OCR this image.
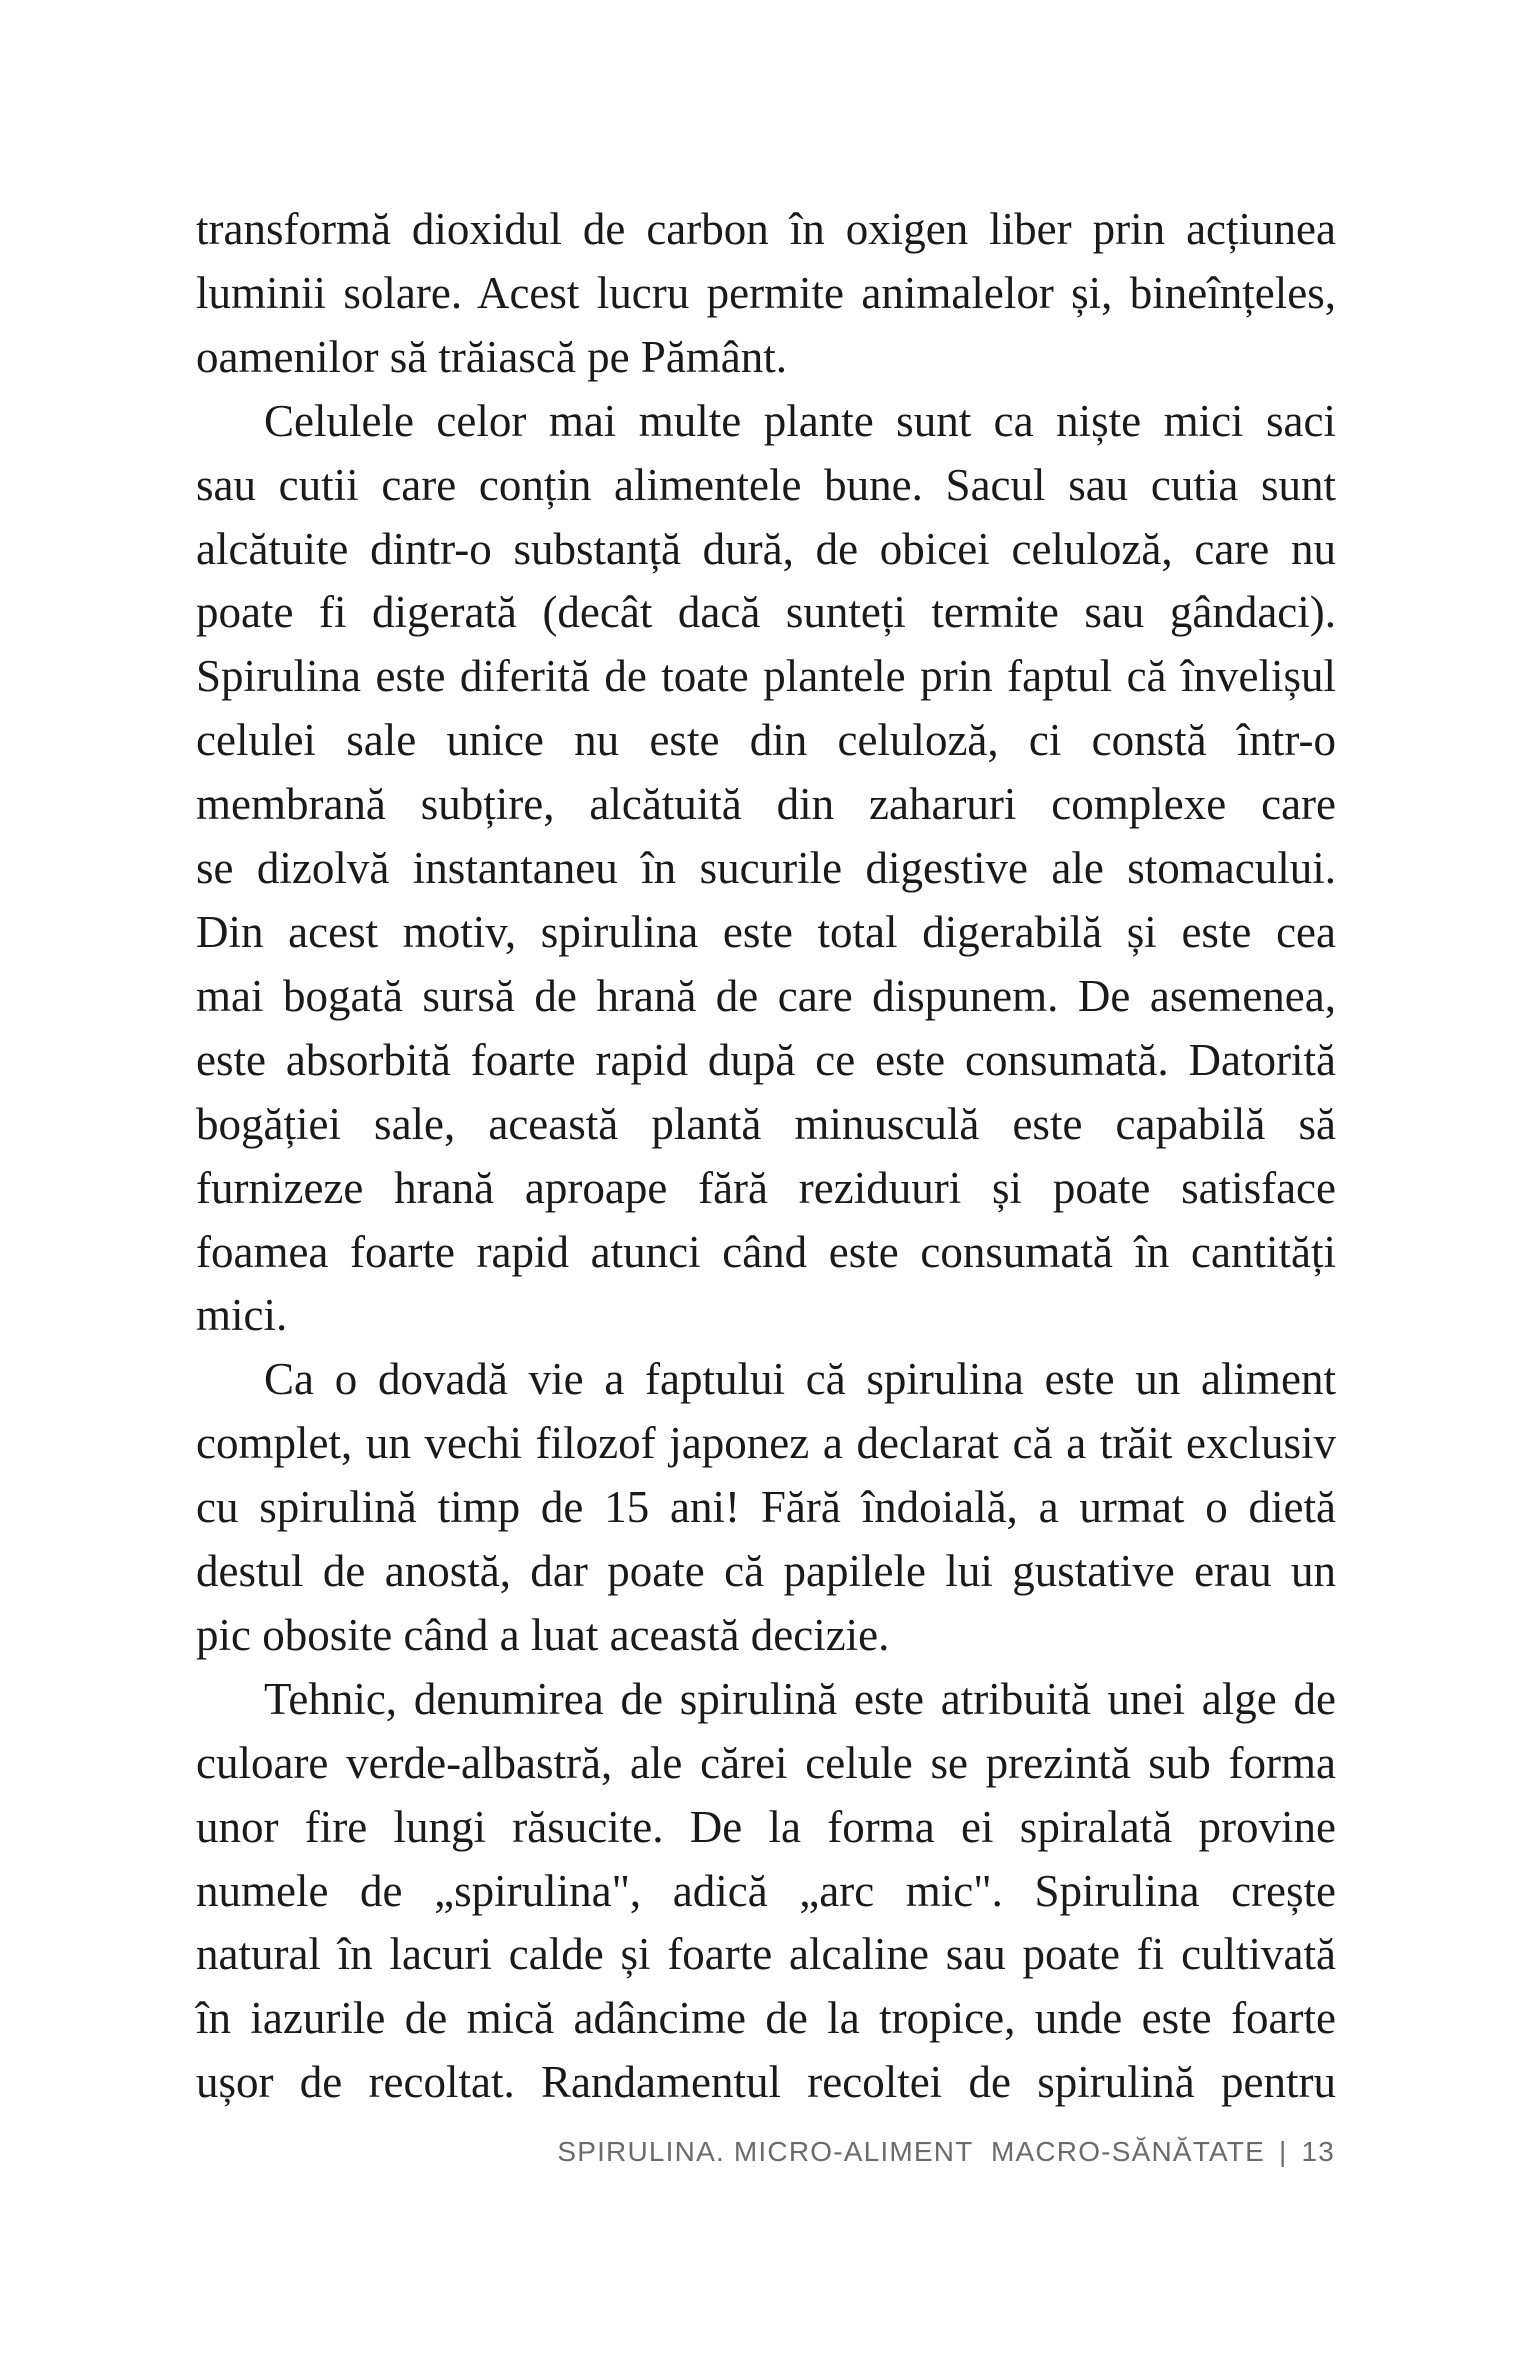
transformă dioxidul de carbon în oxigen liber prin acțiunea
luminii solare. Acest lucru permite animalelor și, bineînțeles,
oamenilor să trăiască pe Pământ.
Celulele celor mai multe plante sunt ca niște mici saci
sau cutii care conțin alimentele bune. Sacul sau cutia sunt
alcătuite dintr-o substanță dură, de obicei celuloză, care nu
poate fi digerată (decât dacă sunteți termite sau gândaci).
Spirulina este diferită de toate plantele prin faptul că învelișul
celulei sale unice nu este din celuloză, ci constă într-o
membrană subțire, alcătuită din zaharuri complexe care
se dizolvă instantaneu în sucurile digestive ale stomacului.
Din acest motiv, spirulina este total digerabilă și este cea
mai bogată sursă de hrană de care dispunem. De asemenea,
este absorbită foarte rapid după ce este consumată. Datorită
bogăției sale, această plantă minusculă este capabilă să
furnizeze hrană aproape fără reziduuri și poate satisface
foamea foarte rapid atunci când este consumată în cantități
mici.
Ca o dovadă vie a faptului că spirulina este un aliment
complet, un vechi filozof japonez a declarat că a trăit exclusiv
cu spirulină timp de 15 ani! Fără îndoială, a urmat o dietă
destul de anostă, dar poate că papilele lui gustative erau un
pic obosite când a luat această decizie.
Tehnic, denumirea de spirulină este atribuită unei alge de
culoare verde-albastră, ale cărei celule se prezintă sub forma
unor fire lungi răsucite. De la forma ei spiralată provine
numele de „spirulina", adică „arc mic". Spirulina crește
natural în lacuri calde și foarte alcaline sau poate fi cultivată
în iazurile de mică adâncime de la tropice, unde este foarte
ușor de recoltat. Randamentul recoltei de spirulină pentru
SPIRULINA. MICRO-ALIMENT  MACRO-SĂNĂTATE | 13
